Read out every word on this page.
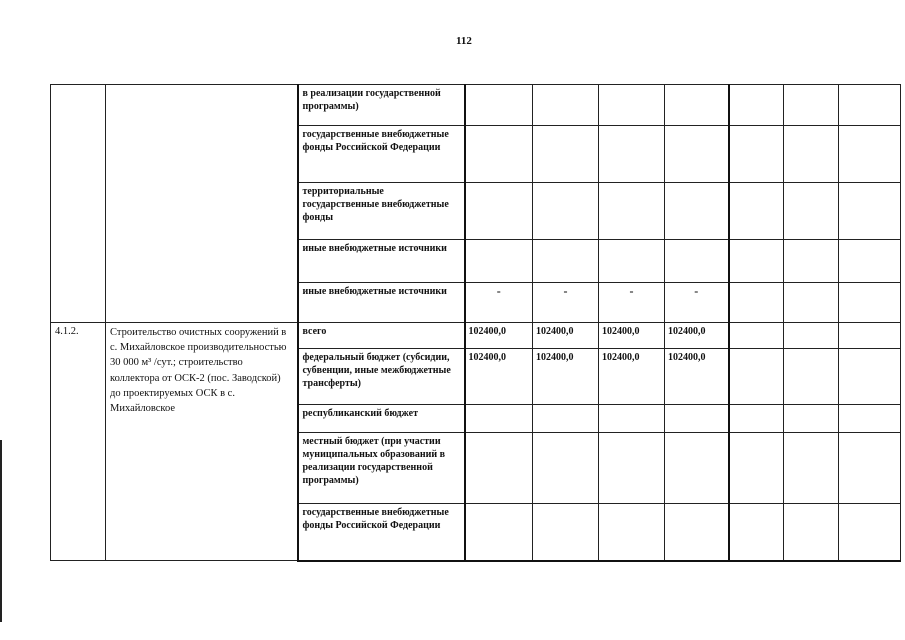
112
		в реализации государственной программы)							
		государственные внебюджетные фонды Российской Федерации							
		территориальные государственные внебюджетные фонды							
		иные внебюджетные источники							
		иные внебюджетные источники	-	-	-	-			
4.1.2.	Строительство очистных сооружений в с. Михайловское производительностью 30 000 м³ /сут.; строительство коллектора от ОСК-2 (пос. Заводской) до проектируемых ОСК в с. Михайловское	всего	102400,0	102400,0	102400,0	102400,0			
		федеральный бюджет (субсидии, субвенции, иные межбюджетные трансферты)	102400,0	102400,0	102400,0	102400,0			
		республиканский бюджет							
		местный бюджет (при участии муниципальных образований в реализации государственной программы)							
		государственные внебюджетные фонды Российской Федерации							
